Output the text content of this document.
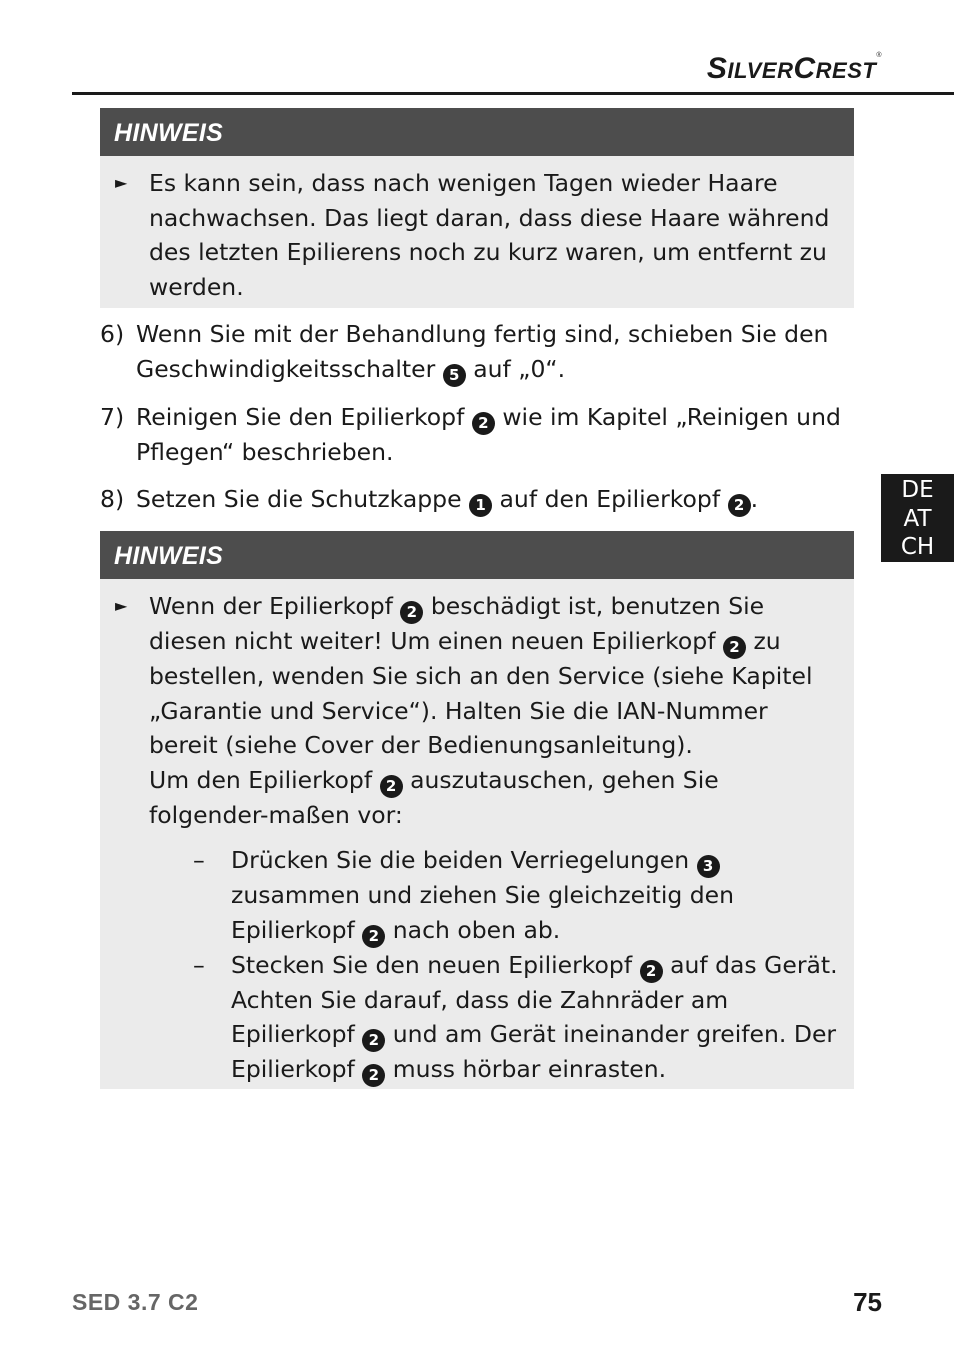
SILVERCREST®
HINWEIS
► Es kann sein, dass nach wenigen Tagen wieder Haare nachwachsen. Das liegt daran, dass diese Haare während des letzten Epilierens noch zu kurz waren, um entfernt zu werden.
6) Wenn Sie mit der Behandlung fertig sind, schieben Sie den Geschwindigkeitsschalter 5 auf „0“.
7) Reinigen Sie den Epilierkopf 2 wie im Kapitel „Reinigen und Pflegen“ beschrieben.
8) Setzen Sie die Schutzkappe 1 auf den Epilierkopf 2 .
HINWEIS
► Wenn der Epilierkopf 2 beschädigt ist, benutzen Sie diesen nicht weiter! Um einen neuen Epilierkopf 2 zu bestellen, wenden Sie sich an den Service (siehe Kapitel „Garantie und Service“). Halten Sie die IAN-Nummer bereit (siehe Cover der Bedienungsanleitung).
Um den Epilierkopf 2 auszutauschen, gehen Sie folgender-maßen vor:
– Drücken Sie die beiden Verriegelungen 3 zusammen und ziehen Sie gleichzeitig den Epilierkopf 2 nach oben ab.
– Stecken Sie den neuen Epilierkopf 2 auf das Gerät. Achten Sie darauf, dass die Zahnräder am Epilierkopf 2 und am Gerät ineinander greifen. Der Epilierkopf 2 muss hörbar einrasten.
DE
AT
CH
SED 3.7 C2	75
